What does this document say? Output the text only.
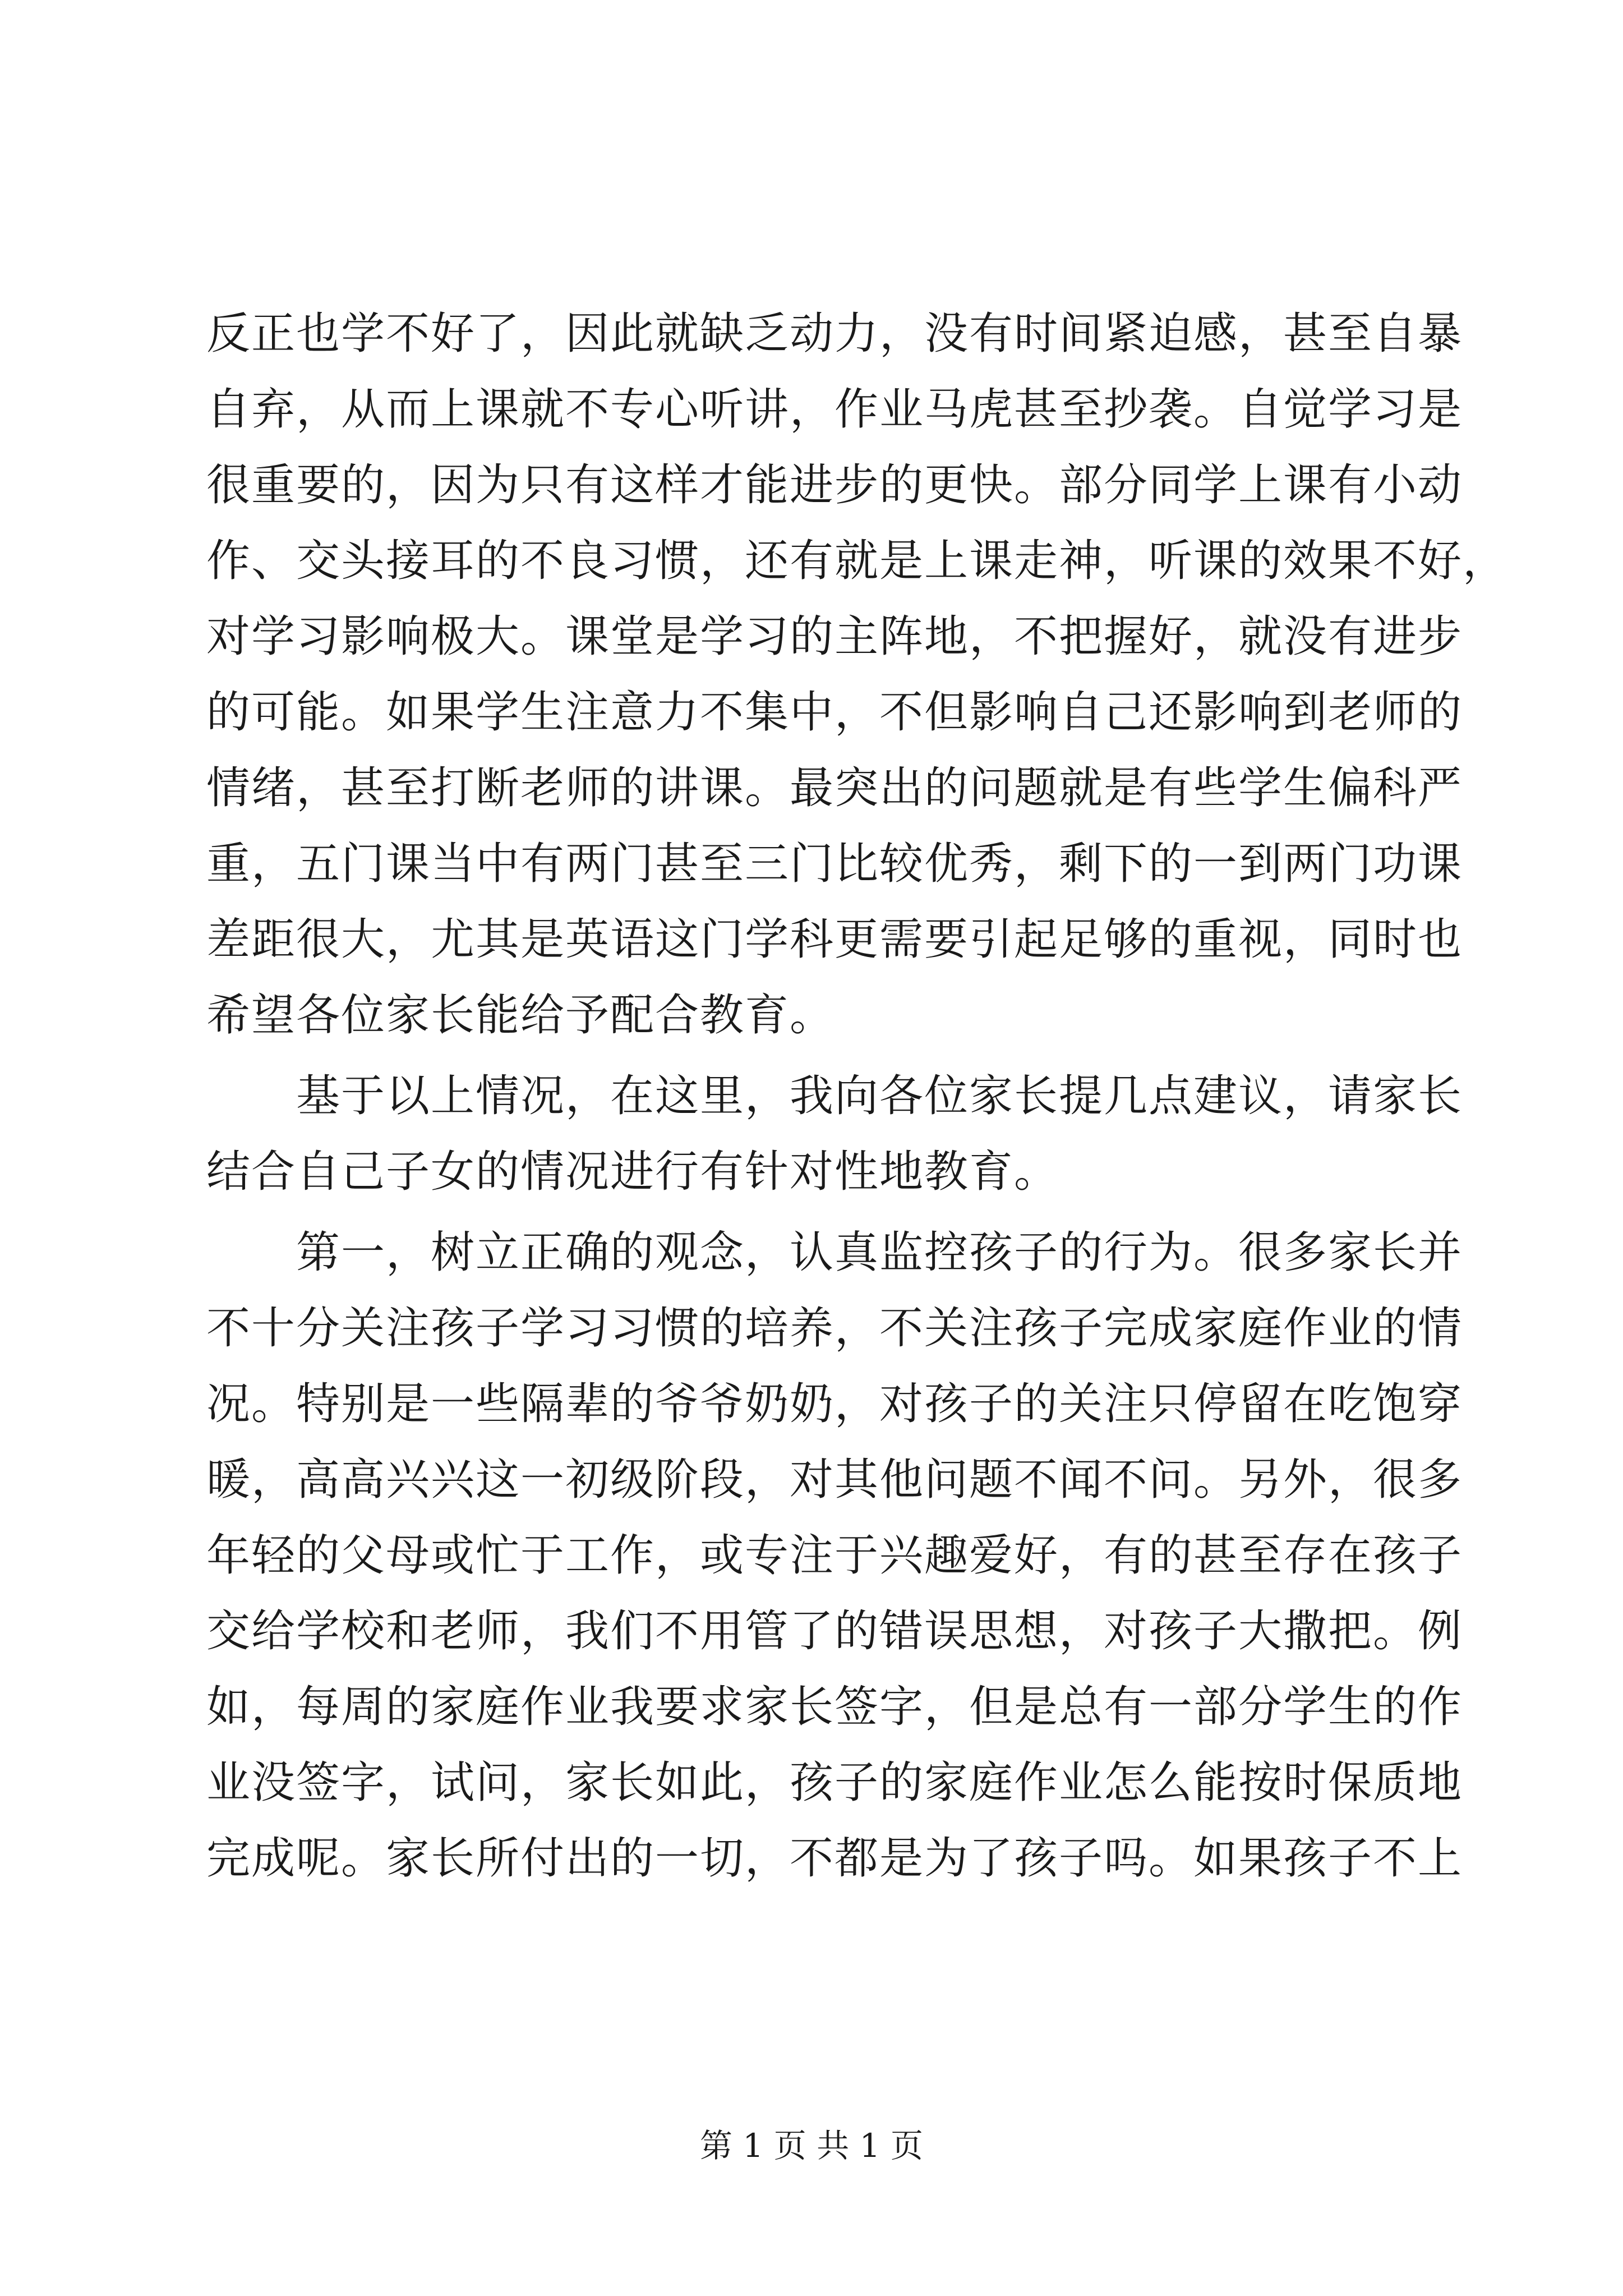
反正也学不好了，因此就缺乏动力，没有时间紧迫感，甚至自暴
自弃，从而上课就不专心听讲，作业马虎甚至抄袭。自觉学习是
很重要的，因为只有这样才能进步的更快。部分同学上课有小动
作、交头接耳的不良习惯，还有就是上课走神，听课的效果不好，
对学习影响极大。课堂是学习的主阵地，不把握好，就没有进步
的可能。如果学生注意力不集中，不但影响自己还影响到老师的
情绪，甚至打断老师的讲课。最突出的问题就是有些学生偏科严
重，五门课当中有两门甚至三门比较优秀，剩下的一到两门功课
差距很大，尤其是英语这门学科更需要引起足够的重视，同时也
希望各位家长能给予配合教育。
　　基于以上情况，在这里，我向各位家长提几点建议，请家长
结合自己子女的情况进行有针对性地教育。
　　第一，树立正确的观念，认真监控孩子的行为。很多家长并
不十分关注孩子学习习惯的培养，不关注孩子完成家庭作业的情
况。特别是一些隔辈的爷爷奶奶，对孩子的关注只停留在吃饱穿
暖，高高兴兴这一初级阶段，对其他问题不闻不问。另外，很多
年轻的父母或忙于工作，或专注于兴趣爱好，有的甚至存在孩子
交给学校和老师，我们不用管了的错误思想，对孩子大撒把。例
如，每周的家庭作业我要求家长签字，但是总有一部分学生的作
业没签字，试问，家长如此，孩子的家庭作业怎么能按时保质地
完成呢。家长所付出的一切，不都是为了孩子吗。如果孩子不上
第 1 页 共 1 页
